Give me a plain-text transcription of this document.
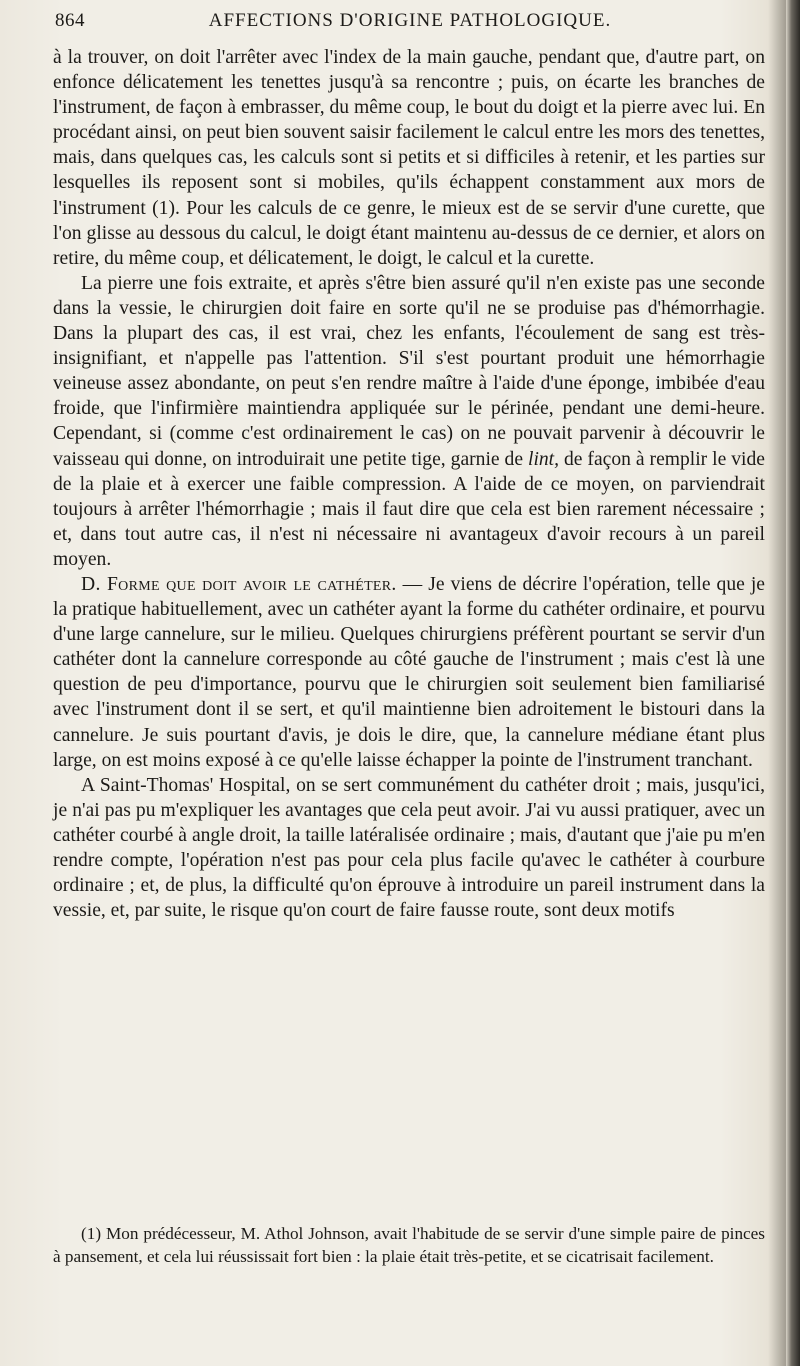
864	AFFECTIONS D'ORIGINE PATHOLOGIQUE.

à la trouver, on doit l'arrêter avec l'index de la main gauche, pendant que, d'autre part, on enfonce délicatement les tenettes jusqu'à sa rencontre ; puis, on écarte les branches de l'instrument, de façon à embrasser, du même coup, le bout du doigt et la pierre avec lui. En procédant ainsi, on peut bien souvent saisir facilement le calcul entre les mors des tenettes, mais, dans quelques cas, les calculs sont si petits et si difficiles à retenir, et les parties sur lesquelles ils reposent sont si mobiles, qu'ils échappent constamment aux mors de l'instrument (1). Pour les calculs de ce genre, le mieux est de se servir d'une curette, que l'on glisse au dessous du calcul, le doigt étant maintenu au-dessus de ce dernier, et alors on retire, du même coup, et délicatement, le doigt, le calcul et la curette.

La pierre une fois extraite, et après s'être bien assuré qu'il n'en existe pas une seconde dans la vessie, le chirurgien doit faire en sorte qu'il ne se produise pas d'hémorrhagie. Dans la plupart des cas, il est vrai, chez les enfants, l'écoulement de sang est très-insignifiant, et n'appelle pas l'attention. S'il s'est pourtant produit une hémorrhagie veineuse assez abondante, on peut s'en rendre maître à l'aide d'une éponge, imbibée d'eau froide, que l'infirmière maintiendra appliquée sur le périnée, pendant une demi-heure. Cependant, si (comme c'est ordinairement le cas) on ne pouvait parvenir à découvrir le vaisseau qui donne, on introduirait une petite tige, garnie de lint, de façon à remplir le vide de la plaie et à exercer une faible compression. A l'aide de ce moyen, on parviendrait toujours à arrêter l'hémorrhagie ; mais il faut dire que cela est bien rarement nécessaire ; et, dans tout autre cas, il n'est ni nécessaire ni avantageux d'avoir recours à un pareil moyen.

D. Forme que doit avoir le cathéter. — Je viens de décrire l'opération, telle que je la pratique habituellement, avec un cathéter ayant la forme du cathéter ordinaire, et pourvu d'une large cannelure, sur le milieu. Quelques chirurgiens préfèrent pourtant se servir d'un cathéter dont la cannelure corresponde au côté gauche de l'instrument ; mais c'est là une question de peu d'importance, pourvu que le chirurgien soit seulement bien familiarisé avec l'instrument dont il se sert, et qu'il maintienne bien adroitement le bistouri dans la cannelure. Je suis pourtant d'avis, je dois le dire, que, la cannelure médiane étant plus large, on est moins exposé à ce qu'elle laisse échapper la pointe de l'instrument tranchant.

A Saint-Thomas' Hospital, on se sert communément du cathéter droit ; mais, jusqu'ici, je n'ai pas pu m'expliquer les avantages que cela peut avoir. J'ai vu aussi pratiquer, avec un cathéter courbé à angle droit, la taille latéralisée ordinaire ; mais, d'autant que j'aie pu m'en rendre compte, l'opération n'est pas pour cela plus facile qu'avec le cathéter à courbure ordinaire ; et, de plus, la difficulté qu'on éprouve à introduire un pareil instrument dans la vessie, et, par suite, le risque qu'on court de faire fausse route, sont deux motifs

(1) Mon prédécesseur, M. Athol Johnson, avait l'habitude de se servir d'une simple paire de pinces à pansement, et cela lui réussissait fort bien : la plaie était très-petite, et se cicatrisait facilement.
